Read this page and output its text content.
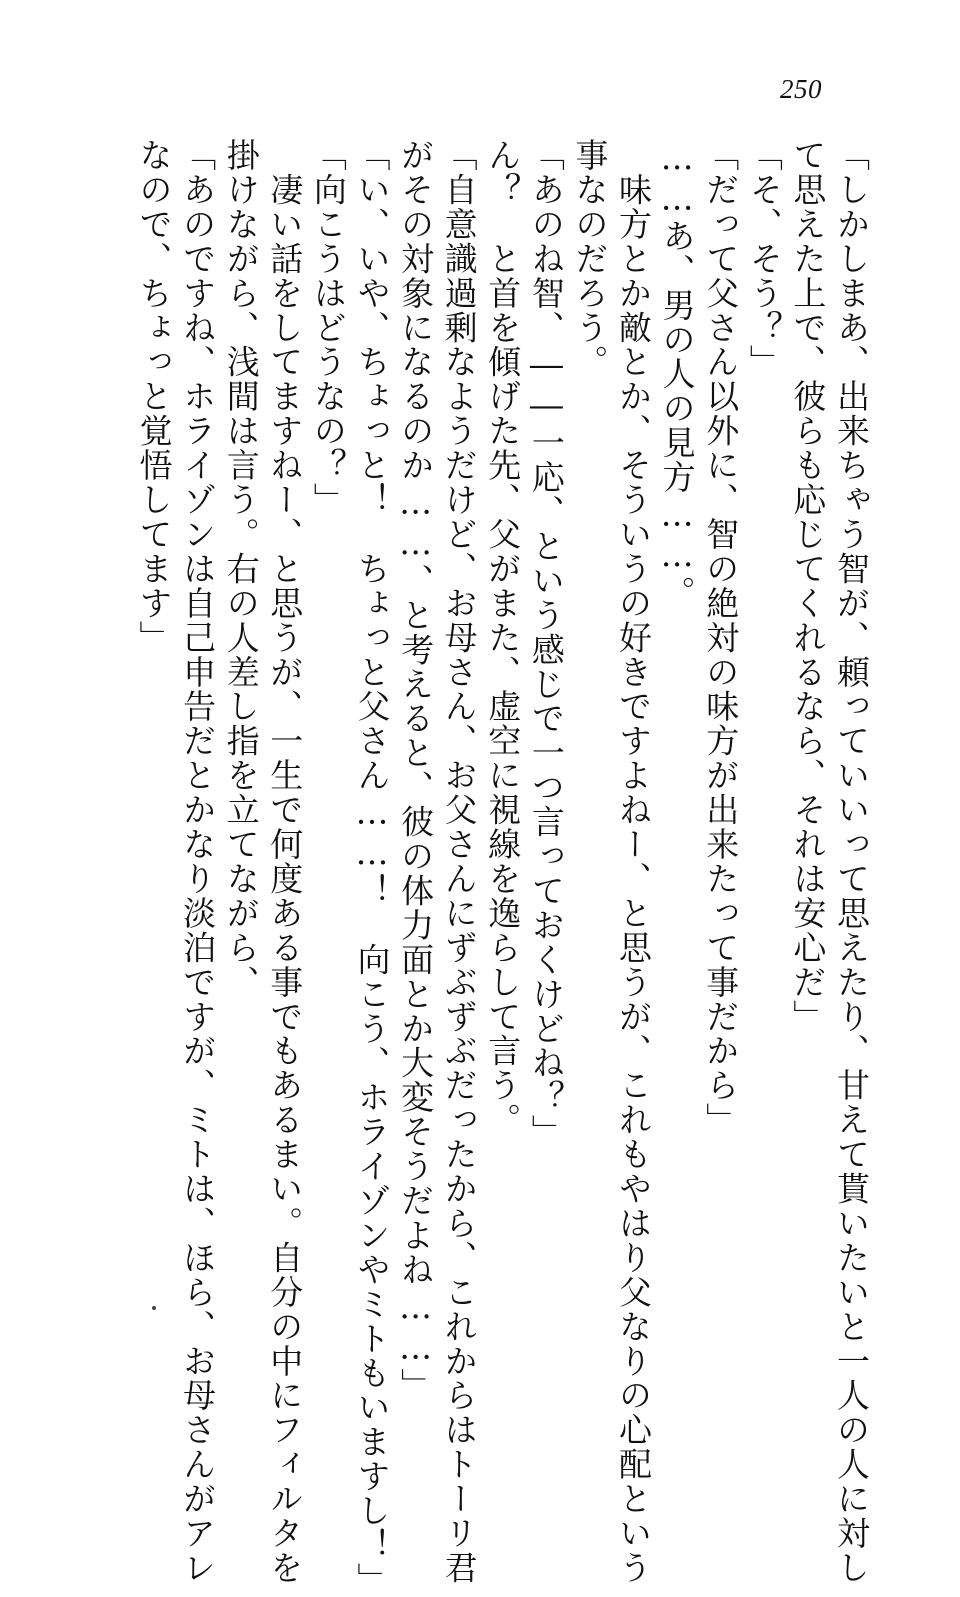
250
「しかしまあ、出来ちゃう智が、頼っていいって思えたり、甘えて貰いたいと一人の人に対し
て思えた上で、彼らも応じてくれるなら、それは安心だ」
「そ、そう？」
「だって父さん以外に、智の絶対の味方が出来たって事だから」
……あ、男の人の見方……。
　味方とか敵とか、そういうの好きですよねー、と思うが、これもやはり父なりの心配という
事なのだろう。
「あのね智、――一応、という感じで一つ言っておくけどね？」
ん？　と首を傾げた先、父がまた、虚空に視線を逸らして言う。
「自意識過剰なようだけど、お母さん、お父さんにずぶずぶだったから、これからはトーリ君
がその対象になるのか……、と考えると、彼の体力面とか大変そうだよね……」
「い、いや、ちょっと！　ちょっと父さん……！　向こう、ホライゾンやミトもいますし！」
「向こうはどうなの？」
　凄い話をしてますねー、と思うが、一生で何度ある事でもあるまい。自分の中にフィルタを
掛けながら、浅間は言う。右の人差し指を立てながら、
「あのですね、ホライゾンは自己申告だとかなり淡泊ですが、ミトは、ほら、お母さんがアレ
なので、ちょっと覚悟してます」
